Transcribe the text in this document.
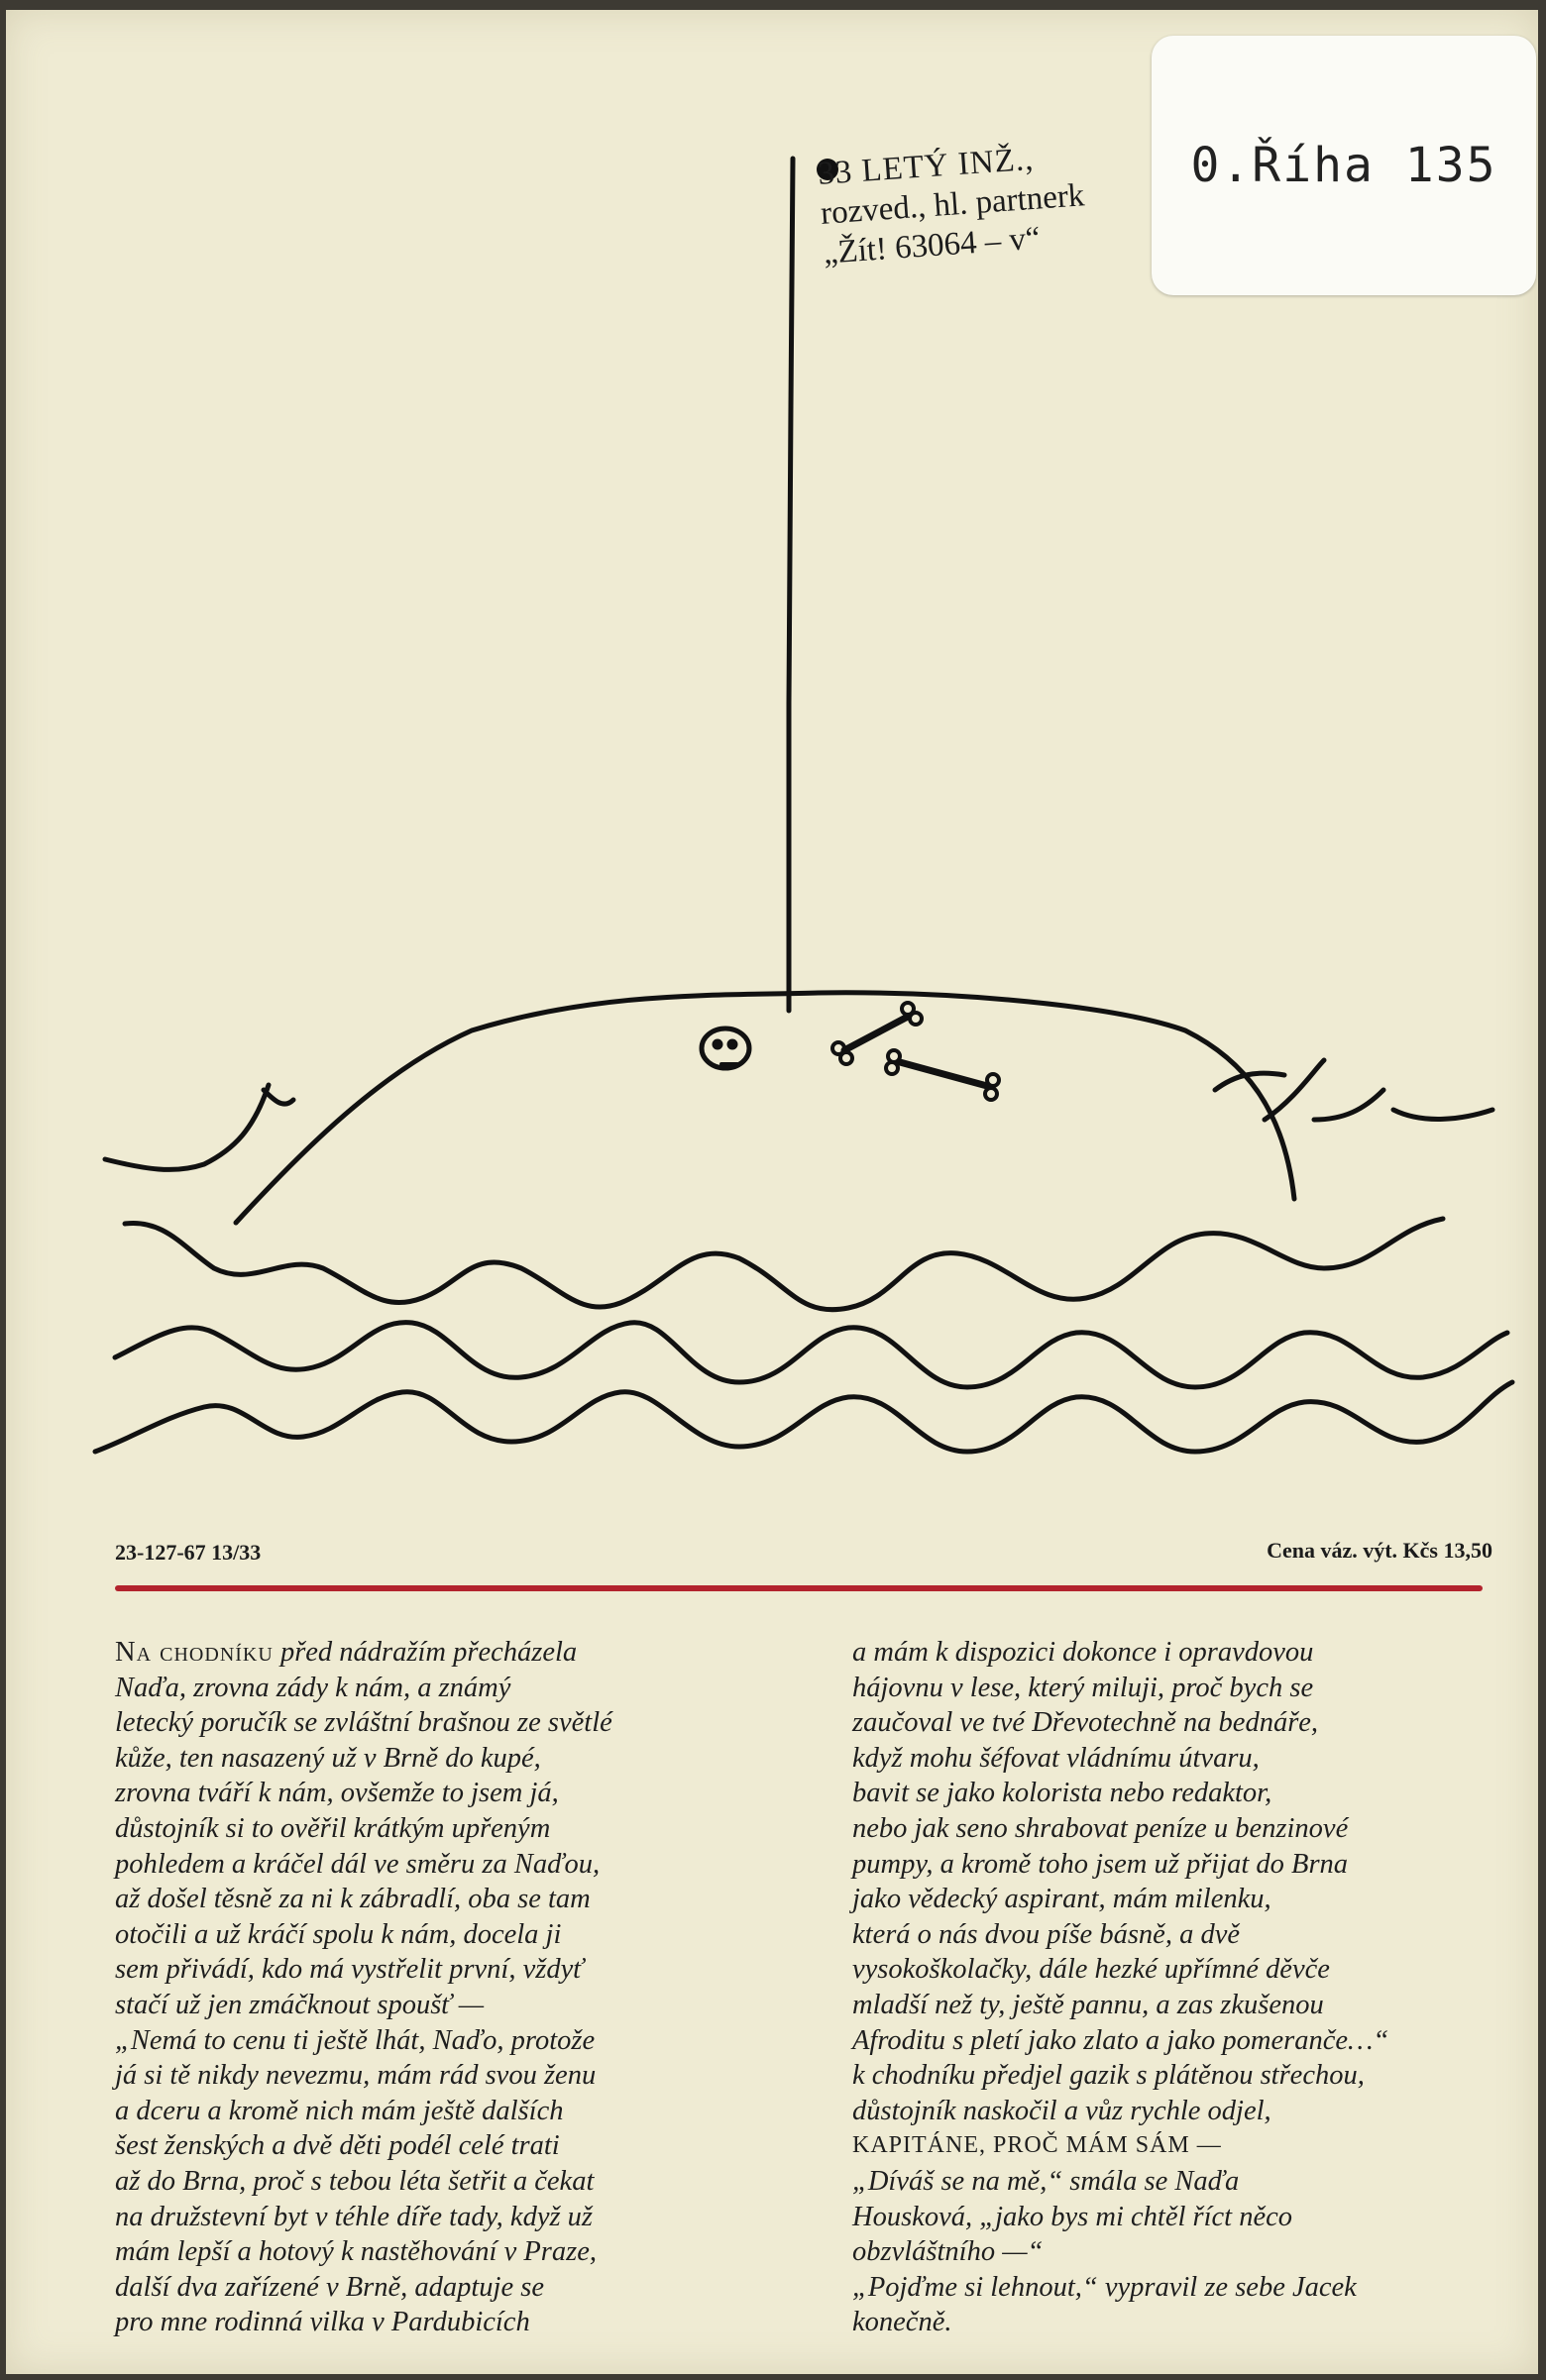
33 LETÝ INŽ.,
rozved., hl. partnerk
„Žít! 63064 – v“
0.Říha 135
23-127-67 13/33	Cena váz. výt. Kčs 13,50
Na chodníku před nádražím přecházela
Naďa, zrovna zády k nám, a známý
letecký poručík se zvláštní brašnou ze světlé
kůže, ten nasazený už v Brně do kupé,
zrovna tváří k nám, ovšemže to jsem já,
důstojník si to ověřil krátkým upřeným
pohledem a kráčel dál ve směru za Naďou,
až došel těsně za ni k zábradlí, oba se tam
otočili a už kráčí spolu k nám, docela ji
sem přivádí, kdo má vystřelit první, vždyť
stačí už jen zmáčknout spoušť —
„Nemá to cenu ti ještě lhát, Naďo, protože
já si tě nikdy nevezmu, mám rád svou ženu
a dceru a kromě nich mám ještě dalších
šest ženských a dvě děti podél celé trati
až do Brna, proč s tebou léta šetřit a čekat
na družstevní byt v téhle díře tady, když už
mám lepší a hotový k nastěhování v Praze,
další dva zařízené v Brně, adaptuje se
pro mne rodinná vilka v Pardubicích
a mám k dispozici dokonce i opravdovou
hájovnu v lese, který miluji, proč bych se
zaučoval ve tvé Dřevotechně na bednáře,
když mohu šéfovat vládnímu útvaru,
bavit se jako kolorista nebo redaktor,
nebo jak seno shrabovat peníze u benzinové
pumpy, a kromě toho jsem už přijat do Brna
jako vědecký aspirant, mám milenku,
která o nás dvou píše básně, a dvě
vysokoškolačky, dále hezké upřímné děvče
mladší než ty, ještě pannu, a zas zkušenou
Afroditu s pletí jako zlato a jako pomeranče…“
k chodníku předjel gazik s plátěnou střechou,
důstojník naskočil a vůz rychle odjel,
KAPITÁNE, PROČ MÁM SÁM —
„Díváš se na mě,“ smála se Naďa
Housková, „jako bys mi chtěl říct něco
obzvláštního —“
„Pojďme si lehnout,“ vypravil ze sebe Jacek
konečně.
